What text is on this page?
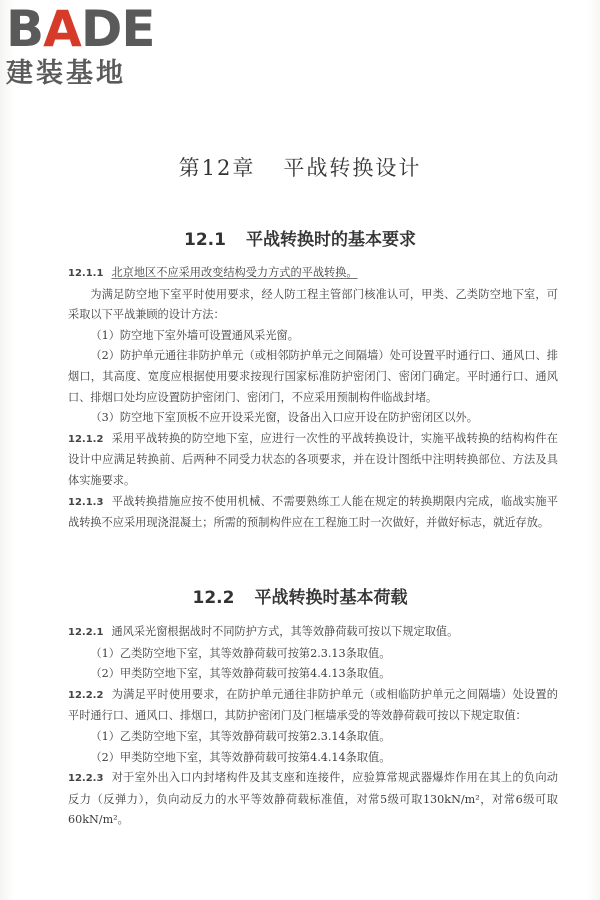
BADE
建装基地
第12章 平战转换设计
12.1 平战转换时的基本要求

12.1.1 北京地区不应采用改变结构受力方式的平战转换。

为满足防空地下室平时使用要求，经人防工程主管部门核准认可，甲类、乙类防空地下室，可采取以下平战兼顾的设计方法：

（1）防空地下室外墙可设置通风采光窗。

（2）防护单元通往非防护单元（或相邻防护单元之间隔墙）处可设置平时通行口、通风口、排烟口，其高度、宽度应根据使用要求按现行国家标准防护密闭门、密闭门确定。平时通行口、通风口、排烟口处均应设置防护密闭门、密闭门，不应采用预制构件临战封堵。

（3）防空地下室顶板不应开设采光窗，设备出入口应开设在防护密闭区以外。

12.1.2 采用平战转换的防空地下室，应进行一次性的平战转换设计，实施平战转换的结构构件在设计中应满足转换前、后两种不同受力状态的各项要求，并在设计图纸中注明转换部位、方法及具体实施要求。

12.1.3 平战转换措施应按不使用机械、不需要熟练工人能在规定的转换期限内完成，临战实施平战转换不应采用现浇混凝土；所需的预制构件应在工程施工时一次做好，并做好标志，就近存放。

12.2 平战转换时基本荷载

12.2.1 通风采光窗根据战时不同防护方式，其等效静荷载可按以下规定取值。

（1）乙类防空地下室，其等效静荷载可按第2.3.13条取值。

（2）甲类防空地下室，其等效静荷载可按第4.4.13条取值。

12.2.2 为满足平时使用要求，在防护单元通往非防护单元（或相临防护单元之间隔墙）处设置的平时通行口、通风口、排烟口，其防护密闭门及门框墙承受的等效静荷载可按以下规定取值：

（1）乙类防空地下室，其等效静荷载可按第2.3.14条取值。

（2）甲类防空地下室，其等效静荷载可按第4.4.14条取值。

12.2.3 对于室外出入口内封堵构件及其支座和连接件，应验算常规武器爆炸作用在其上的负向动反力（反弹力），负向动反力的水平等效静荷载标准值，对常5级可取130kN/m²，对常6级可取60kN/m²。
